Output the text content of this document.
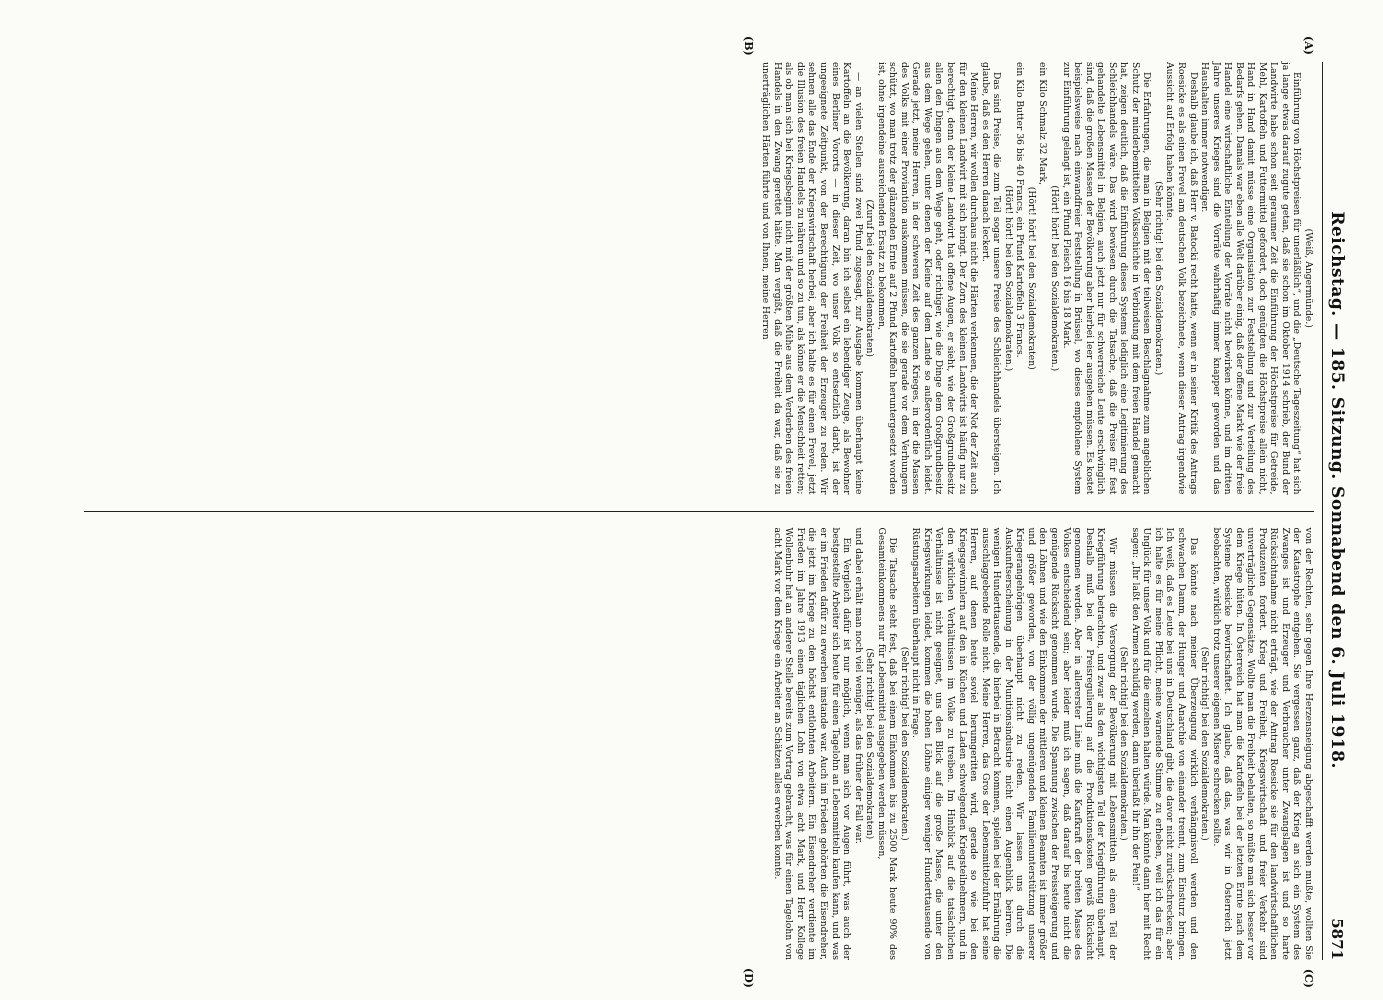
Reichstag. — 185. Sitzung. Sonnabend den 6. Juli 1918.
5871
(A)
(B)

(Weiß, Angermünde.)

Einführung von Höchstpreisen für unerläßlich“, und die „Deutsche Tageszeitung“ hat sich ja lange etwas darauf zugute getan, daß sie schon im Oktober 1914 schrieb, der Bund der Landwirte habe schon seit geraumer Zeit die Einführung der Höchstpreise für Getreide, Mehl, Kartoffeln und Futtermittel gefordert, doch genügten die Höchstpreise allein nicht, Hand in Hand damit müsse eine Organisation zur Feststellung und zur Verteilung des Bedarfs gehen. Damals war eben alle Welt darüber einig, daß der offene Markt wie der freie Handel eine wirtschaftliche Einteilung der Vorräte nicht bewirken könne, und im dritten Jahre unseres Krieges sind die Vorräte wahrhaftig immer knapper geworden und das Haushalten immer notwendiger.

Deshalb glaube ich, daß Herr v. Batocki recht hatte, wenn er in seiner Kritik des Antrags Roesicke es als einen Frevel am deutschen Volk bezeichnete, wenn dieser Antrag irgendwie Aussicht auf Erfolg haben könnte.

(Sehr richtig! bei den Sozialdemokraten.)

Die Erfahrungen, die man in Belgien mit der teilweisen Beschlagnahme zum angeblichen Schutz der minderbemittelten Volksschichte in Verbindung mit dem freien Handel gemacht hat, zeigen deutlich, daß die Einführung dieses Systems lediglich eine Legitimierung des Schleichhandels wäre. Das wird bewiesen durch die Tatsache, daß die Preise für fest gehandelte Lebensmittel in Belgien, auch jetzt nur für schwerreiche Leute erschwinglich sind, daß die großen Massen der Bevölkerung aber hierbei leer ausgehen müssen. Es kostet beispielsweise nach einwandfreier Feststellung in Brüssel, wo dieses empfohlene System zur Einführung gelangt ist, ein Pfund Fleisch 16 bis 18 Mark.

(Hört! hört! bei den Sozialdemokraten.)

ein Kilo Schmalz 32 Mark,

(Hört! hört! bei den Sozialdemokraten)

ein Kilo Butter 36 bis 40 Francs, ein Pfund Kartoffeln 3 Francs.

(Hört! hört! bei den Sozialdemokraten.)

Das sind Preise, die zum Teil sogar unsere Preise des Schleichhandels übersteigen. Ich glaube, daß es den Herren danach leckert.

Meine Herren, wir wollen durchaus nicht die Härten verkennen, die der Not der Zeit auch für den kleinen Landwirt mit sich bringt. Der Zorn des kleinen Landwirts ist häufig nur zu berechtigt, denn der kleine Landwirt hat offene Augen, er sieht, wie der Großgrundbesitz allen den Dingen aus dem Wege geht, oder richtiger, wie die Dinge dem Großgrundbesitz aus dem Wege gehen, unter denen der Kleine auf dem Lande so außerordentlich leidet. Gerade jetzt, meine Herren, in der schweren Zeit des ganzen Krieges, in der die Massen des Volks mit einer Proviantion auskommen müssen, die sie gerade vor dem Verhungern schützt, wo man trotz der glänzenden Ernte auf 2 Pfund Kartoffeln heruntergesetzt worden ist, ohne irgendeine ausreichenden Ersatz zu bekommen,

(Zuruf bei den Sozialdemokraten)

— an vielen Stellen sind zwei Pfund zugesagt, zur Ausgabe kommen überhaupt keine Kartoffeln an die Bevölkerung, daran bin ich selbst ein lebendiger Zeuge, als Bewohner eines Berliner Vororts — in dieser Zeit, wo unser Volk so entsetzlich darbt, ist der ungeeignete Zeitpunkt, von der Berechtigung der Freiheit der Erzeuger zu reden. Wir sehnen alle das Ende der Kriegswirtschaft herbei, aber ich halte es für einen Frevel, jetzt die Illusion des freien Handels zu nähren und so zu tun, als könne er die Menschheit retten; als ob man sich bei Kriegsbeginn nicht mit der größten Mühe aus dem Verderben des freien Handels in den Zwang gerettet hätte. Man vergißt, daß die Freiheit da war, daß sie zu unerträglichen Härten führte und von Ihnen, meine Herren

(C)
(D)

von der Rechten, sehr gegen Ihre Herzensneigung abgeschafft werden mußte, wollten Sie der Katastrophe entgehen. Sie vergessen ganz, daß der Krieg an sich ein System des Zwanges ist und Erzeuger und Verbraucher unter Zwangslagen ist und so harte Rücksichtnahme nicht erträgt, wie der Antrag Roesicke sie für den landwirtschaftlichen Produzenten fordert. Krieg und Freiheit, Kriegswirtschaft und freier Verkehr sind unverträgliche Gegensätze. Wollte man die Freiheit behalten, so müßte man sich besser vor dem Kriege hüten. In Österreich hat man die Kartoffeln bei der letzten Ernte nach dem Systeme Roesicke bewirtschaftet. Ich glaube, daß das, was wir in Österreich jetzt beobachten, wirklich trotz unserer eigenen Misere schrecken sollte.

(Sehr richtig! bei den Sozialdemokraten.)

Das könnte nach meiner Überzeugung wirklich verhängnisvoll werden und den schwachen Damm, der Hunger und Anarchie von einander trennt, zum Einsturz bringen. Ich weiß, daß es Leute bei uns in Deutschland gibt, die davor nicht zurückschrecken; aber ich halte es für meine Pflicht, meine warnende Stimme zu erheben, weil ich das für ein Unglück für unser Volk und für die einzelnen halten würde. Man könnte dann hier mit Recht sagen: „Ihr laßt den Armen schuldig werden, dann überlaßt ihr ihn der Pein!“

(Sehr richtig! bei den Sozialdemokraten.)

Wir müssen die Versorgung der Bevölkerung mit Lebensmitteln als einen Teil der Kriegführung betrachten, und zwar als den wichtigsten Teil der Kriegführung überhaupt. Deshalb muß bei der Preisregulierung auf die Produktionskosten gewiß Rücksicht genommen werden. Aber in allererster Linie muß die Kaufkraft der breiten Masse des Volkes entscheidend sein; aber leider muß ich sagen, daß darauf bis heute nicht die genügende Rücksicht genommen wurde. Die Spannung zwischen der Preissteigerung und den Löhnen und wie den Einkommen der mittleren und kleinen Beamten ist immer größer und größer geworden, von der völlig ungenügenden Familienunterstützung unserer Kriegerangehörigen überhaupt nicht zu reden. Wir lassen uns durch die Auskunftserscheinung in der Munitionsindustrie nicht einen Augenblick beirren. Die wenigen Hunderttausende, die hierbei in Betracht kommen, spielen bei der Ernährung die ausschlaggebende Rolle nicht. Meine Herren, das Gros der Lebensmittelzufuhr hat seine Herren, auf denen heute soviel herumgeritten wird, gerade so wie bei den Kriegsgewinnlern auf den in Küchen und Laden schwelgenden Kriegsteilnehmern, und in den wirklichen Verhältnissen im Volke zu treiben. Im Hinblick auf die tatsächlichen Verhältnisse ist nicht geeignet, uns den Blick auf die große Masse, die unter den Kriegswirkungen leidet, kommen die hohen Löhne einiger weniger Hunderttausende von Rüstungsarbeitern überhaupt nicht in Frage.

(Sehr richtig! bei den Sozialdemokraten.)

Die Tatsache steht fest, daß bei einem Einkommen bis zu 2500 Mark heute 90% des Gesamteinkommens nur für Lebensmittel ausgegeben werden müssen,

(Sehr richtig! bei den Sozialdemokraten)

und dabei erhält man noch viel weniger, als das früher der Fall war.

Ein Vergleich dafür ist nur möglich, wenn man sich vor Augen führt, was auch der bestgestellte Arbeiter sich heute für einen Tagelohn an Lebensmitteln kaufen kann, und was er im Frieden dafür zu erwerben imstande war. Auch im Frieden gehörten die Eisendreher, die jetzt im Kriege zu den höchst entlohnten Arbeitern. Ein Eisendreher verdiente im Frieden im Jahre 1913 einen täglichen Lohn von etwa acht Mark, und Herr Kollege Wollenbuhr hat an anderer Stelle bereits zum Vortrag gebracht, was für einen Tagelohn von acht Mark vor dem Kriege ein Arbeiter an Schätzen alles erwerben konnte.
